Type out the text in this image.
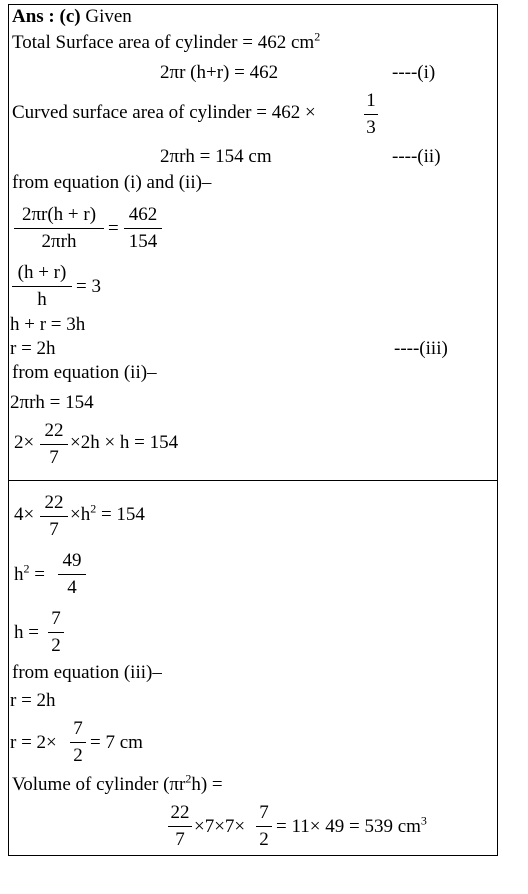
Ans : (c) Given
Total Surface area of cylinder = 462 $cm^2$
2πr (h+r) = 462	----(i)
Curved surface area of cylinder = 462 ×
1
3
2πrh = 154 cm	----(ii)
from equation (i) and (ii)–
2πr(h + r)
2πrh
=
462
154
(h + r)
h
= 3
h + r = 3h
r = 2h	----(iii)
from equation (ii)–
2πrh = 154
2×
22
7
×2h × h = 154
4×
22
7
$\times h^2 = 154$
$h^2$ =
49
4
h =
7
2
from equation (iii)–
r = 2h
r = 2×
7
2
= 7 cm
Volume of cylinder $(\pi r^2h)$ =
22
7
×7×7×
7
2
= 11× 49 = 539 $cm^3$
